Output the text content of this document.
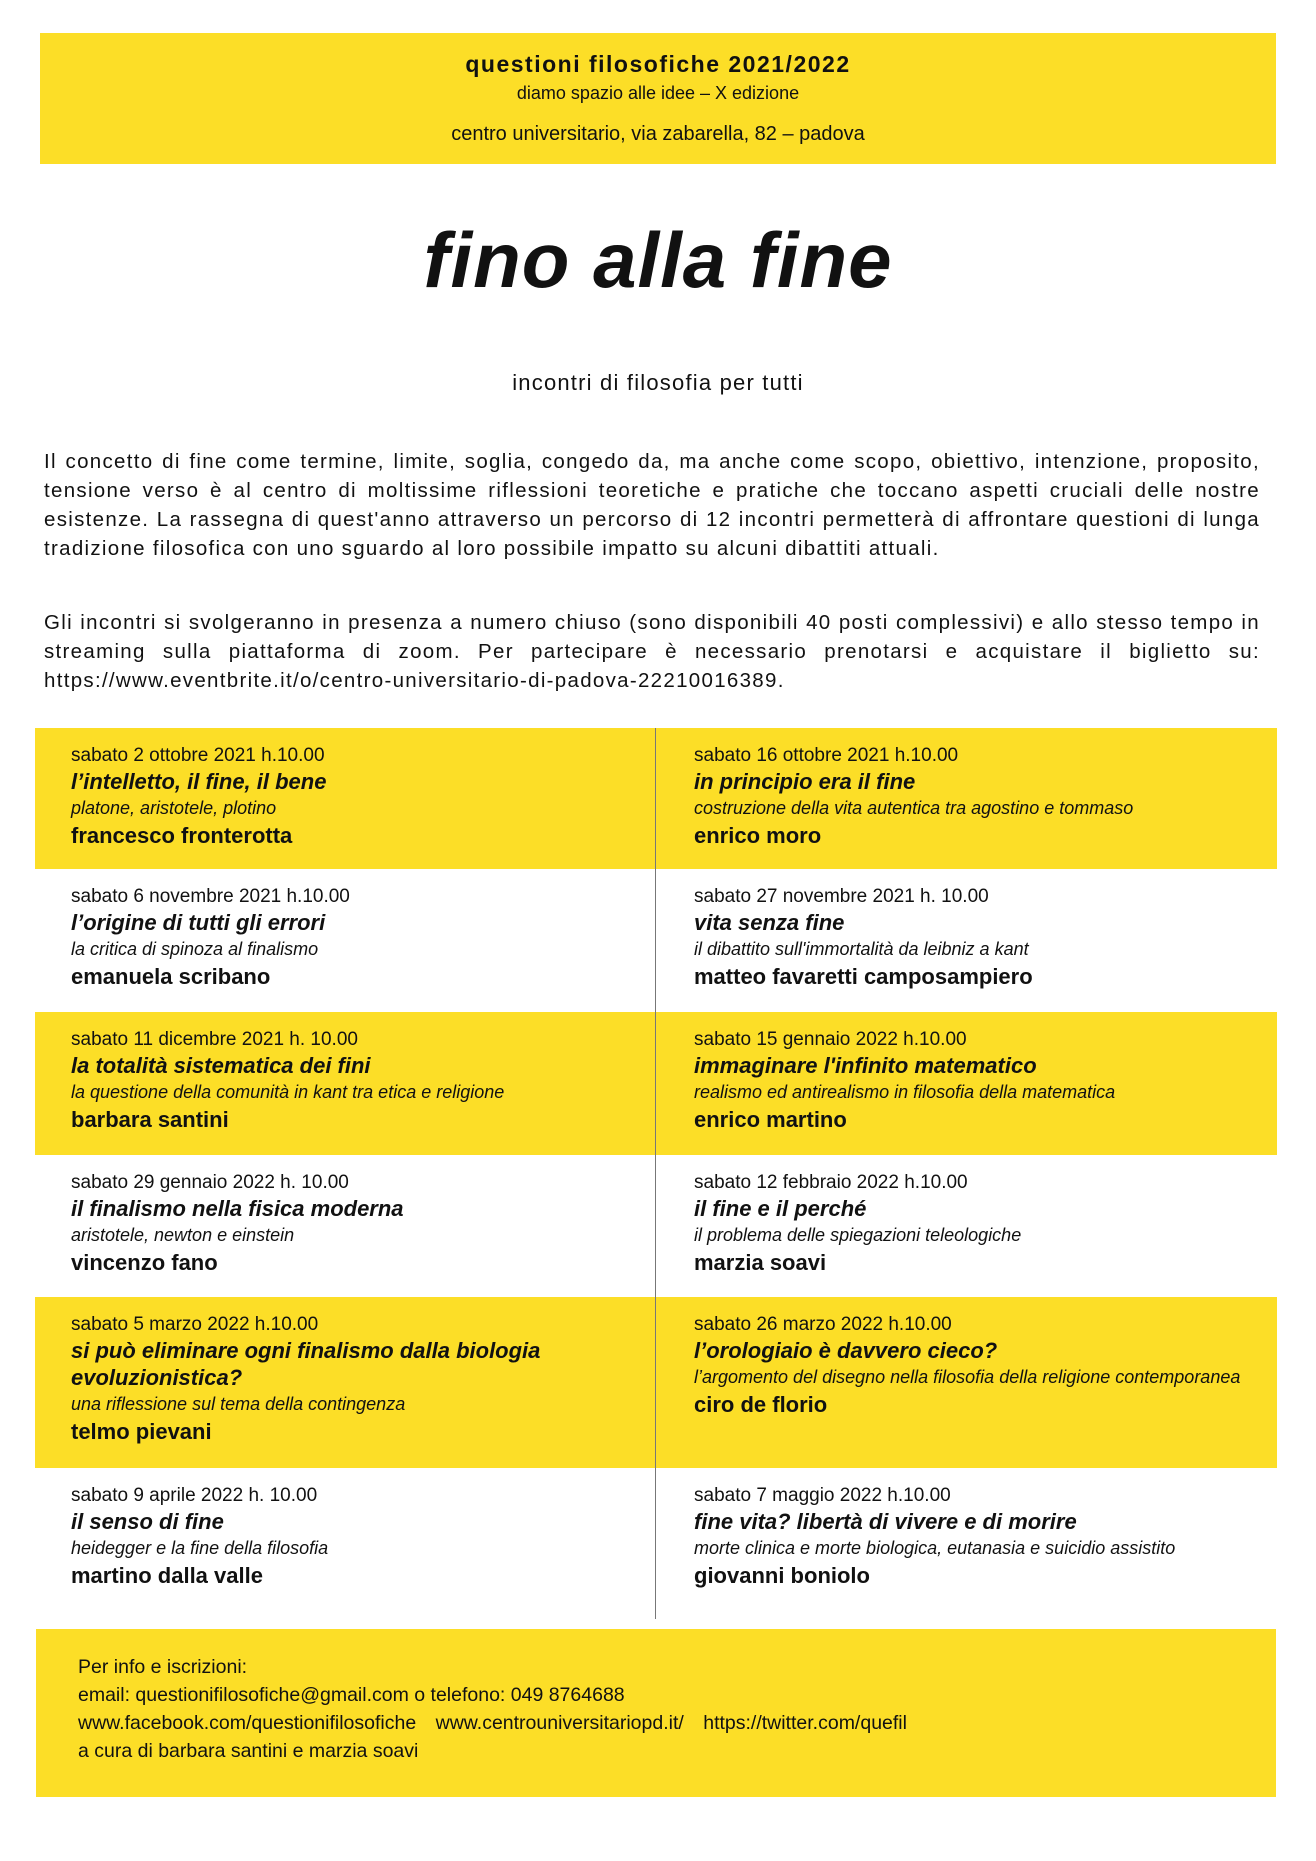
questioni filosofiche 2021/2022
diamo spazio alle idee – X edizione
centro universitario, via zabarella, 82 – padova
fino alla fine
incontri di filosofia per tutti

Il concetto di fine come termine, limite, soglia, congedo da, ma anche come scopo, obiettivo, intenzione, proposito, tensione verso è al centro di moltissime riflessioni teoretiche e pratiche che toccano aspetti cruciali delle nostre esistenze. La rassegna di quest'anno attraverso un percorso di 12 incontri permetterà di affrontare questioni di lunga tradizione filosofica con uno sguardo al loro possibile impatto su alcuni dibattiti attuali.

Gli incontri si svolgeranno in presenza a numero chiuso (sono disponibili 40 posti complessivi) e allo stesso tempo in streaming sulla piattaforma di zoom. Per partecipare è necessario prenotarsi e acquistare il biglietto su: https://www.eventbrite.it/o/centro-universitario-di-padova-22210016389.

sabato 2 ottobre 2021 h.10.00
l’intelletto, il fine, il bene
platone, aristotele, plotino
francesco fronterotta
sabato 16 ottobre 2021 h.10.00
in principio era il fine
costruzione della vita autentica tra agostino e tommaso
enrico moro
sabato 6 novembre 2021 h.10.00
l’origine di tutti gli errori
la critica di spinoza al finalismo
emanuela scribano
sabato 27 novembre 2021 h. 10.00
vita senza fine
il dibattito sull'immortalità da leibniz a kant
matteo favaretti camposampiero
sabato 11 dicembre 2021 h. 10.00
la totalità sistematica dei fini
la questione della comunità in kant tra etica e religione
barbara santini
sabato 15 gennaio 2022 h.10.00
immaginare l'infinito matematico
realismo ed antirealismo in filosofia della matematica
enrico martino
sabato 29 gennaio 2022 h. 10.00
il finalismo nella fisica moderna
aristotele, newton e einstein
vincenzo fano
sabato 12 febbraio 2022 h.10.00
il fine e il perché
il problema delle spiegazioni teleologiche
marzia soavi
sabato 5 marzo 2022 h.10.00
si può eliminare ogni finalismo dalla biologia evoluzionistica?
una riflessione sul tema della contingenza
telmo pievani
sabato 26 marzo 2022 h.10.00
l’orologiaio è davvero cieco?
l’argomento del disegno nella filosofia della religione contemporanea
ciro de florio
sabato 9 aprile 2022 h. 10.00
il senso di fine
heidegger e la fine della filosofia
martino dalla valle
sabato 7 maggio 2022 h.10.00
fine vita? libertà di vivere e di morire
morte clinica e morte biologica, eutanasia e suicidio assistito
giovanni boniolo
Per info e iscrizioni:
email: questionifilosofiche@gmail.com o telefono: 049 8764688
www.facebook.com/questionifilosofiche www.centrouniversitariopd.it/ https://twitter.com/quefil
a cura di barbara santini e marzia soavi
